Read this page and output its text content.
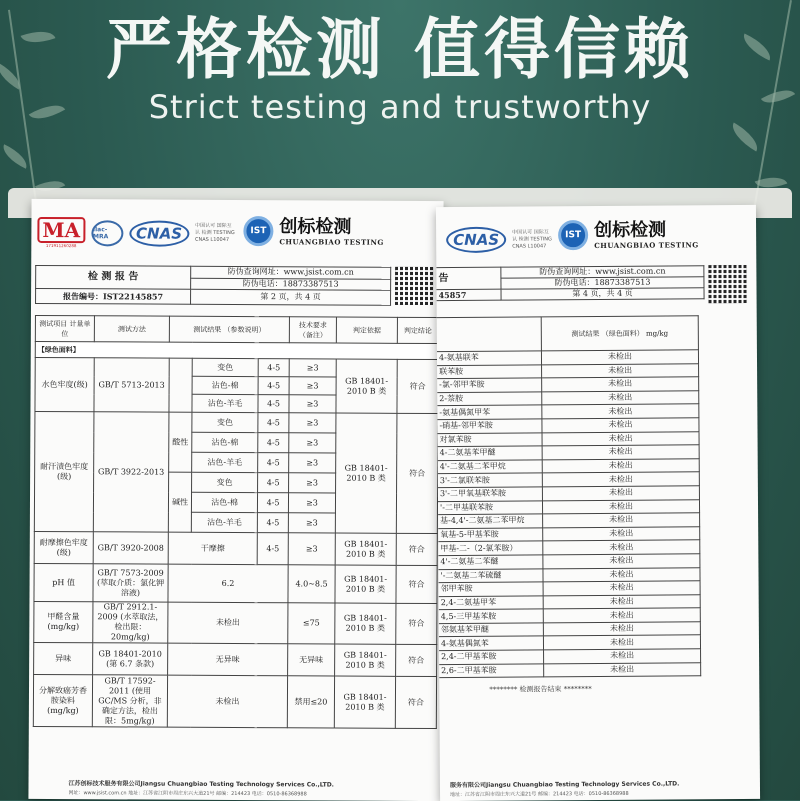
严格检测 值得信赖
Strict testing and trustworthy
MA
171911260288
ilac-MRA	CNAS	中国认可 国际互认 检测 TESTING CNAS L10047
IST 创标检测
CHUANGBIAO TESTING
检 测 报 告	防伪查询网址：www.jsist.com.cn
	防伪电话：18873387513
报告编号：IST22145857	第 2 页，共 4 页
测试项目 计量单位	测试方法	测试结果 （参数说明）			技术要求 （备注）	判定依据	判定结论
【绿色面料】							
水色牢度(级)	GB/T 5713-2013		变色	4-5	≥3	GB 18401-2010 B 类	符合
			沾色-棉	4-5	≥3		
			沾色-羊毛	4-5	≥3		
耐汗渍色牢度 (级)	GB/T 3922-2013	酸性	变色	4-5	≥3	GB 18401-2010 B 类	符合
			沾色-棉	4-5	≥3		
			沾色-羊毛	4-5	≥3		
		碱性	变色	4-5	≥3		
			沾色-棉	4-5	≥3		
			沾色-羊毛	4-5	≥3		
耐摩擦色牢度 (级)	GB/T 3920-2008	干摩擦		4-5	≥3	GB 18401-2010 B 类	符合
pH 值	GB/T 7573-2009 (萃取介质：氯化钾溶液)	6.2			4.0~8.5	GB 18401-2010 B 类	符合
甲醛含量 (mg/kg)	GB/T 2912.1-2009 (水萃取法，检出限：20mg/kg)	未检出			≤75	GB 18401-2010 B 类	符合
异味	GB 18401-2010 (第 6.7 条款)	无异味			无异味	GB 18401-2010 B 类	符合
分解致癌芳香胺染料(mg/kg)	GB/T 17592-2011 (使用 GC/MS 分析，非确定方法，检出限：5mg/kg)	未检出			禁用≤20	GB 18401-2010 B 类	符合
江苏创标技术服务有限公司Jiangsu Chuangbiao Testing Technology Services Co.,LTD.
网址：www.jsist.com.cn 地址：江苏省江阴市周庄东兴大道21号 邮编：214423 电话：0510-86368988
CNAS	中国认可 国际互认 检测 TESTING CNAS L10047
IST 创标检测
CHUANGBIAO TESTING
告	防伪查询网址：www.jsist.com.cn
	防伪电话：18873387513
45857	第 4 页，共 4 页
	测试结果 （绿色面料） mg/kg
4-氨基联苯	未检出
联苯胺	未检出
-氯-邻甲苯胺	未检出
2-萘胺	未检出
-氨基偶氮甲苯	未检出
-硝基-邻甲苯胺	未检出
对氯苯胺	未检出
4-二氨基苯甲醚	未检出
4'-二氨基二苯甲烷	未检出
3'-二氯联苯胺	未检出
3'-二甲氧基联苯胺	未检出
'-二甲基联苯胺	未检出
基-4,4'-二氨基二苯甲烷	未检出
氧基-5-甲基苯胺	未检出
甲基-二-（2-氯苯胺）	未检出
4'-二氨基二苯醚	未检出
'-二氨基二苯硫醚	未检出
邻甲苯胺	未检出
2,4-二氨基甲苯	未检出
4,5-三甲基苯胺	未检出
邻氨基苯甲醚	未检出
4-氨基偶氮苯	未检出
2,4-二甲基苯胺	未检出
2,6-二甲基苯胺	未检出
******** 检测报告结束 ********
服务有限公司Jiangsu Chuangbiao Testing Technology Services Co.,LTD.
地址：江苏省江阴市周庄东兴大道21号 邮编：214423 电话：0510-86368988
